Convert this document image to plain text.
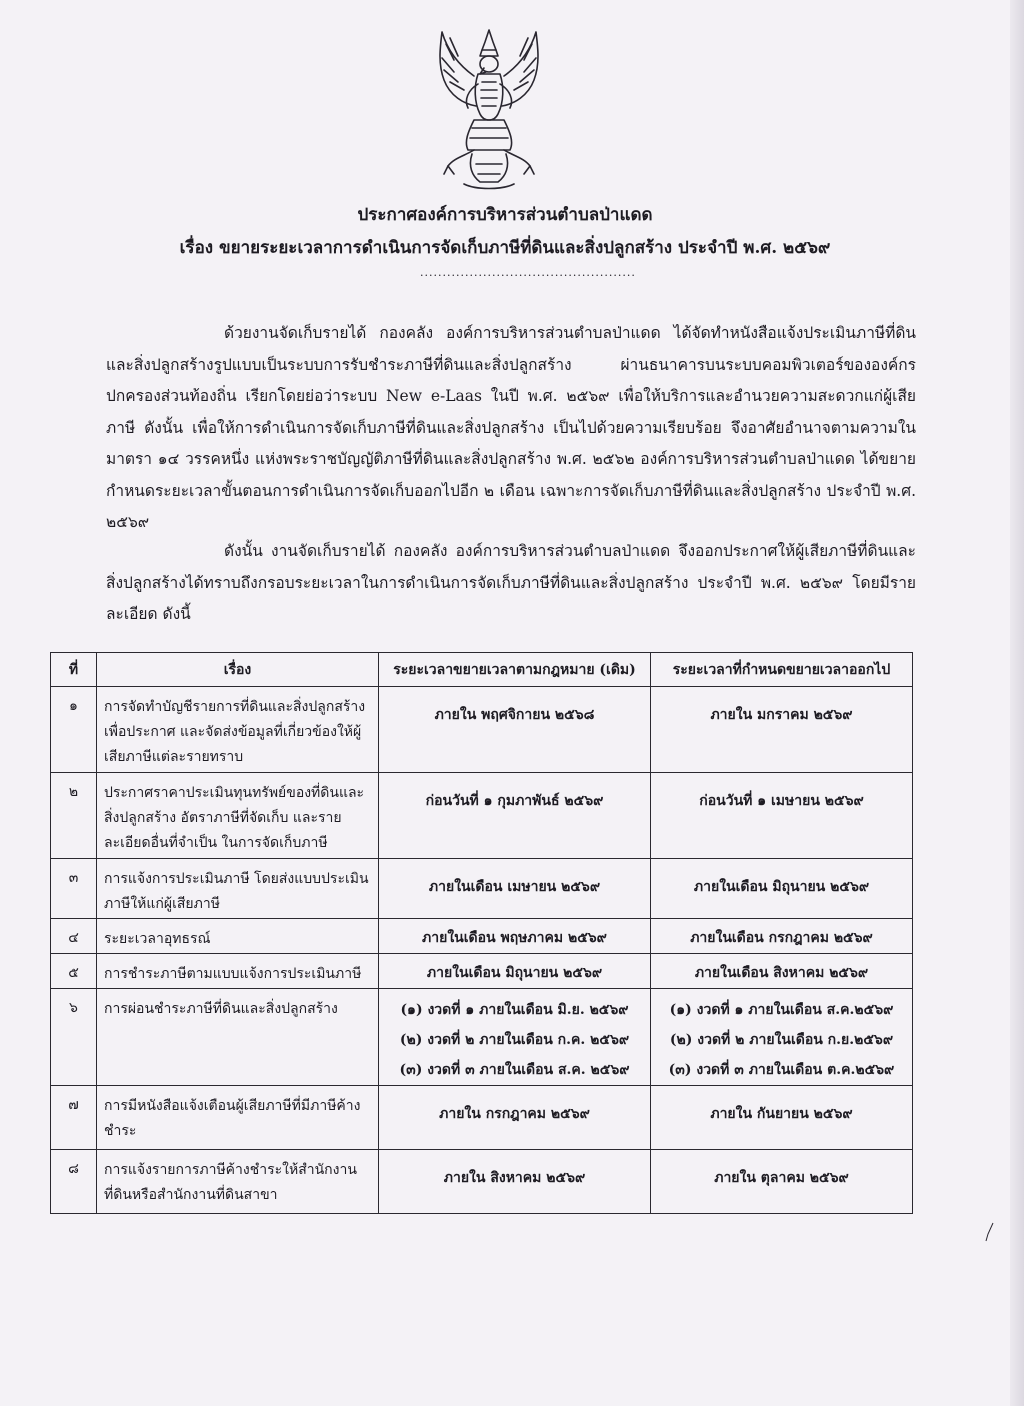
ประกาศองค์การบริหารส่วนตำบลป่าแดด
เรื่อง ขยายระยะเวลาการดำเนินการจัดเก็บภาษีที่ดินและสิ่งปลูกสร้าง ประจำปี พ.ศ. ๒๕๖๙
................................................
ด้วยงานจัดเก็บรายได้ กองคลัง องค์การบริหารส่วนตำบลป่าแดด ได้จัดทำหนังสือแจ้งประเมินภาษีที่ดินและสิ่งปลูกสร้างรูปแบบเป็นระบบการรับชำระภาษีที่ดินและสิ่งปลูกสร้าง ผ่านธนาคารบนระบบคอมพิวเตอร์ขององค์กรปกครองส่วนท้องถิ่น เรียกโดยย่อว่าระบบ New e-Laas ในปี พ.ศ. ๒๕๖๙ เพื่อให้บริการและอำนวยความสะดวกแก่ผู้เสียภาษี ดังนั้น เพื่อให้การดำเนินการจัดเก็บภาษีที่ดินและสิ่งปลูกสร้าง เป็นไปด้วยความเรียบร้อย จึงอาศัยอำนาจตามความในมาตรา ๑๔ วรรคหนึ่ง แห่งพระราชบัญญัติภาษีที่ดินและสิ่งปลูกสร้าง พ.ศ. ๒๕๖๒ องค์การบริหารส่วนตำบลป่าแดด ได้ขยายกำหนดระยะเวลาขั้นตอนการดำเนินการจัดเก็บออกไปอีก ๒ เดือน เฉพาะการจัดเก็บภาษีที่ดินและสิ่งปลูกสร้าง ประจำปี พ.ศ. ๒๕๖๙
ดังนั้น งานจัดเก็บรายได้ กองคลัง องค์การบริหารส่วนตำบลป่าแดด จึงออกประกาศให้ผู้เสียภาษีที่ดินและสิ่งปลูกสร้างได้ทราบถึงกรอบระยะเวลาในการดำเนินการจัดเก็บภาษีที่ดินและสิ่งปลูกสร้าง ประจำปี พ.ศ. ๒๕๖๙ โดยมีรายละเอียด ดังนี้
ที่	เรื่อง	ระยะเวลาขยายเวลาตามกฎหมาย (เดิม)	ระยะเวลาที่กำหนดขยายเวลาออกไป
๑	การจัดทำบัญชีรายการที่ดินและสิ่งปลูกสร้างเพื่อประกาศ และจัดส่งข้อมูลที่เกี่ยวข้องให้ผู้เสียภาษีแต่ละรายทราบ	ภายใน พฤศจิกายน ๒๕๖๘	ภายใน มกราคม ๒๕๖๙

๒	ประกาศราคาประเมินทุนทรัพย์ของที่ดินและสิ่งปลูกสร้าง อัตราภาษีที่จัดเก็บ และรายละเอียดอื่นที่จำเป็น ในการจัดเก็บภาษี	ก่อนวันที่ ๑ กุมภาพันธ์ ๒๕๖๙	ก่อนวันที่ ๑ เมษายน ๒๕๖๙

๓	การแจ้งการประเมินภาษี โดยส่งแบบประเมินภาษีให้แก่ผู้เสียภาษี	ภายในเดือน เมษายน ๒๕๖๙	ภายในเดือน มิถุนายน ๒๕๖๙

๔	ระยะเวลาอุทธรณ์	ภายในเดือน พฤษภาคม ๒๕๖๙	ภายในเดือน กรกฎาคม ๒๕๖๙

๕	การชำระภาษีตามแบบแจ้งการประเมินภาษี	ภายในเดือน มิถุนายน ๒๕๖๙	ภายในเดือน สิงหาคม ๒๕๖๙

๖	การผ่อนชำระภาษีที่ดินและสิ่งปลูกสร้าง	(๑) งวดที่ ๑ ภายในเดือน มิ.ย. ๒๕๖๙
(๒) งวดที่ ๒ ภายในเดือน ก.ค. ๒๕๖๙
(๓) งวดที่ ๓ ภายในเดือน ส.ค. ๒๕๖๙	(๑) งวดที่ ๑ ภายในเดือน ส.ค.๒๕๖๙
(๒) งวดที่ ๒ ภายในเดือน ก.ย.๒๕๖๙
(๓) งวดที่ ๓ ภายในเดือน ต.ค.๒๕๖๙

๗	การมีหนังสือแจ้งเตือนผู้เสียภาษีที่มีภาษีค้างชำระ	ภายใน กรกฎาคม ๒๕๖๙	ภายใน กันยายน ๒๕๖๙

๘	การแจ้งรายการภาษีค้างชำระให้สำนักงานที่ดินหรือสำนักงานที่ดินสาขา	ภายใน สิงหาคม ๒๕๖๙	ภายใน ตุลาคม ๒๕๖๙
